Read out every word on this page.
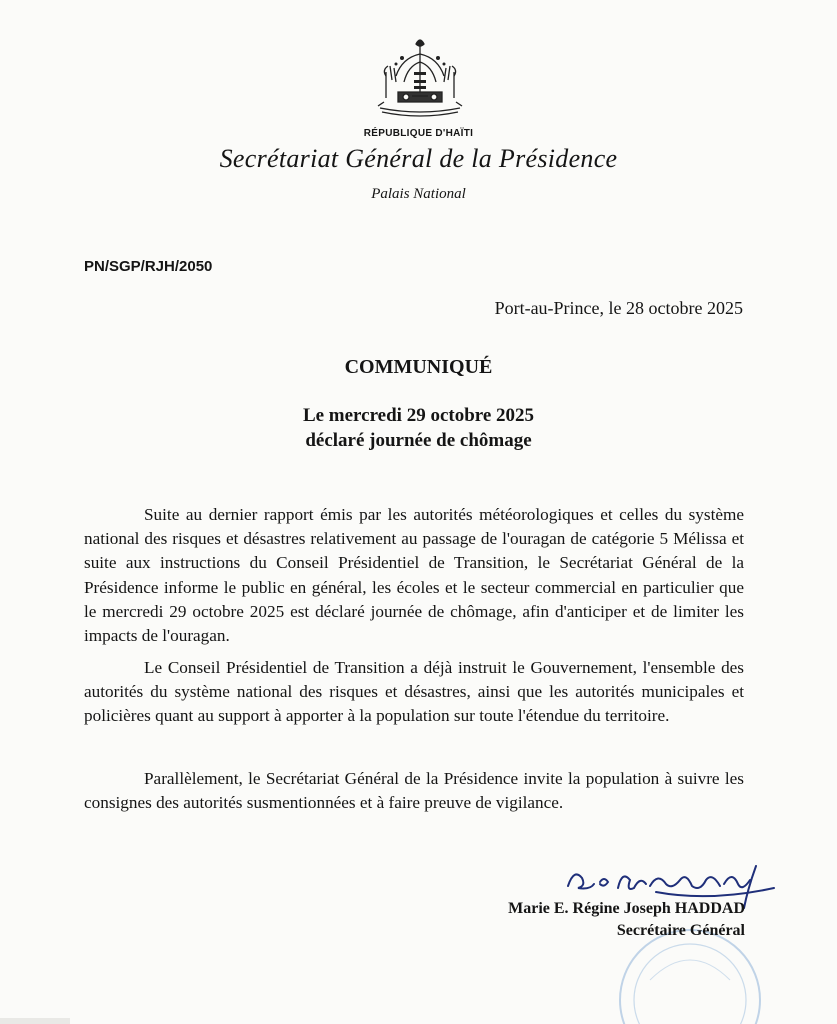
RÉPUBLIQUE D'HAÏTI
Secrétariat Général de la Présidence
Palais National
PN/SGP/RJH/2050
Port-au-Prince, le 28 octobre 2025
COMMUNIQUÉ
Le mercredi 29 octobre 2025
déclaré journée de chômage

Suite au dernier rapport émis par les autorités météorologiques et celles du système national des risques et désastres relativement au passage de l'ouragan de catégorie 5 Mélissa et suite aux instructions du Conseil Présidentiel de Transition, le Secrétariat Général de la Présidence informe le public en général, les écoles et le secteur commercial en particulier que le mercredi 29 octobre 2025 est déclaré journée de chômage, afin d'anticiper et de limiter les impacts de l'ouragan.

Le Conseil Présidentiel de Transition a déjà instruit le Gouvernement, l'ensemble des autorités du système national des risques et désastres, ainsi que les autorités municipales et policières quant au support à apporter à la population sur toute l'étendue du territoire.

Parallèlement, le Secrétariat Général de la Présidence invite la population à suivre les consignes des autorités susmentionnées et à faire preuve de vigilance.

Marie E. Régine Joseph HADDAD
Secrétaire Général
